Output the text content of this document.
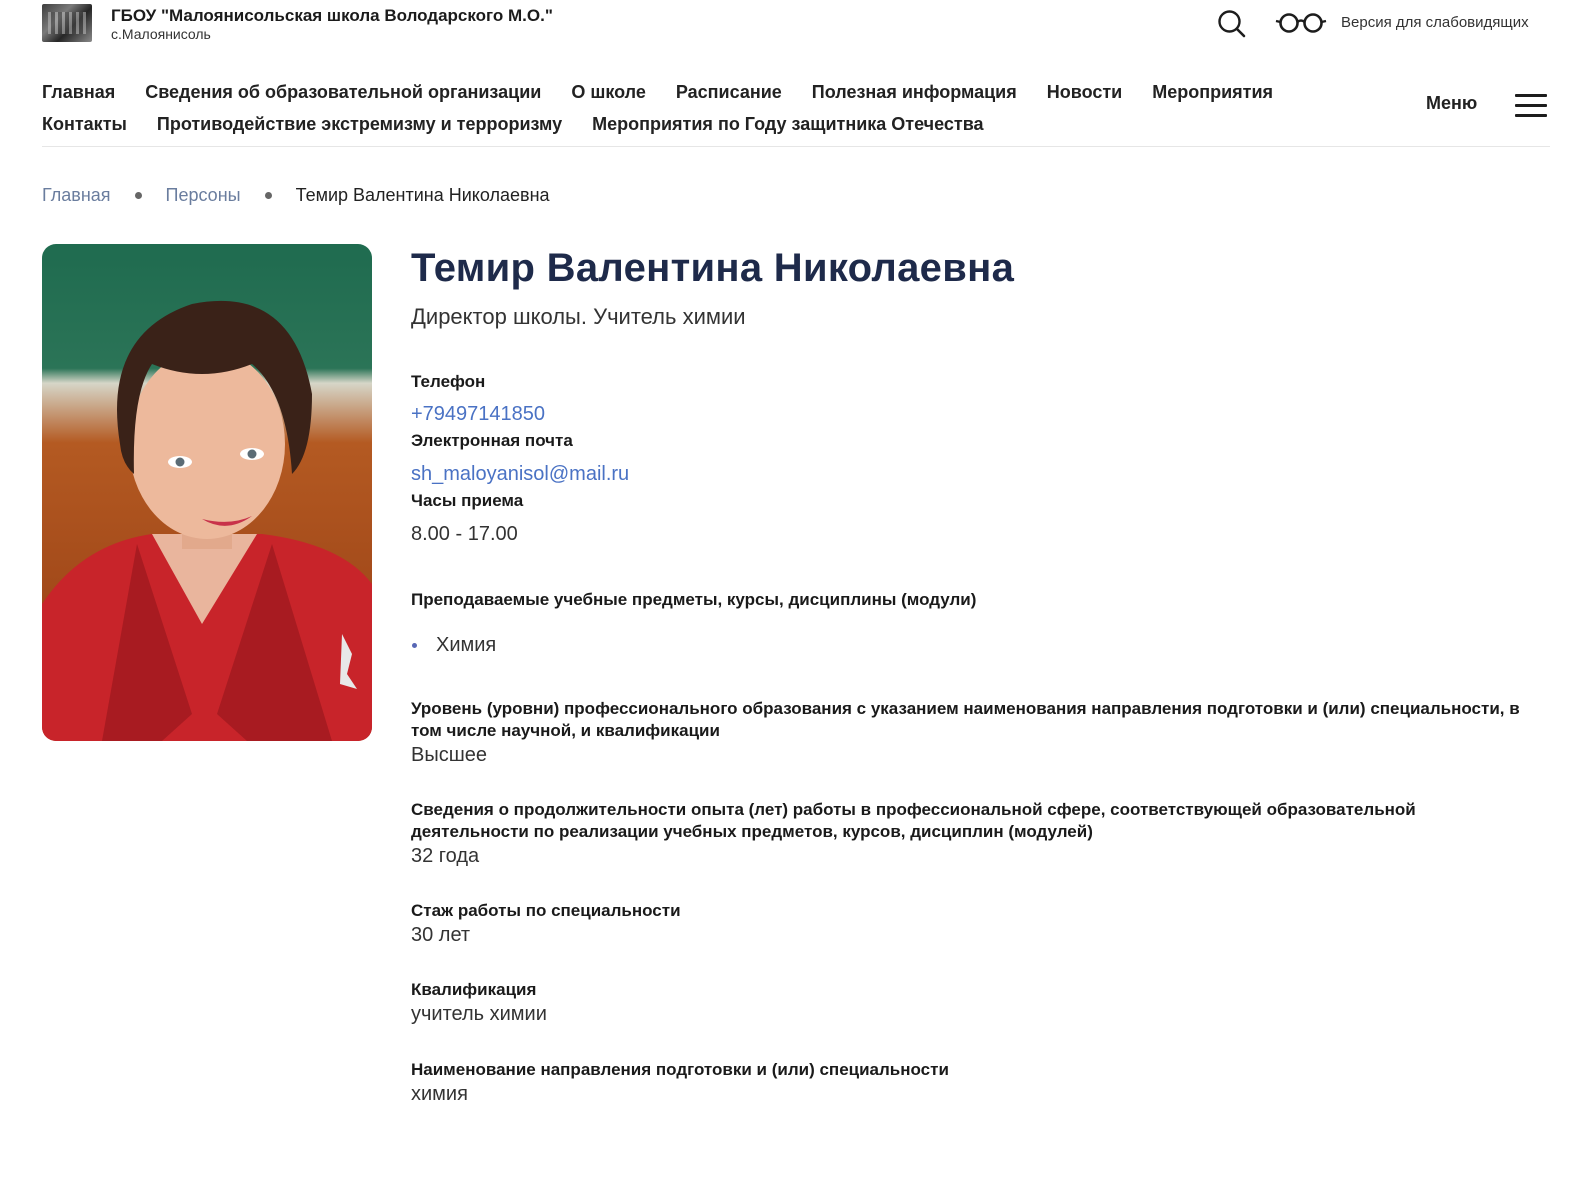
ГБОУ "Малоянисольская школа Володарского М.О."
с.Малоянисоль
Версия для слабовидящих
Главная Сведения об образовательной организации О школе Расписание Полезная информация Новости Мероприятия
Контакты Противодействие экстремизму и терроризму Мероприятия по Году защитника Отечества
Меню
Главная	Персоны	Темир Валентина Николаевна
Темир Валентина Николаевна
Директор школы. Учитель химии
Телефон
+79497141850
Электронная почта
sh_maloyanisol@mail.ru
Часы приема
8.00 - 17.00
Преподаваемые учебные предметы, курсы, дисциплины (модули)
Химия
Уровень (уровни) профессионального образования с указанием наименования направления подготовки и (или) специальности, в том числе научной, и квалификации
Высшее
Сведения о продолжительности опыта (лет) работы в профессиональной сфере, соответствующей образовательной деятельности по реализации учебных предметов, курсов, дисциплин (модулей)
32 года
Стаж работы по специальности
30 лет
Квалификация
учитель химии
Наименование направления подготовки и (или) специальности
химия
